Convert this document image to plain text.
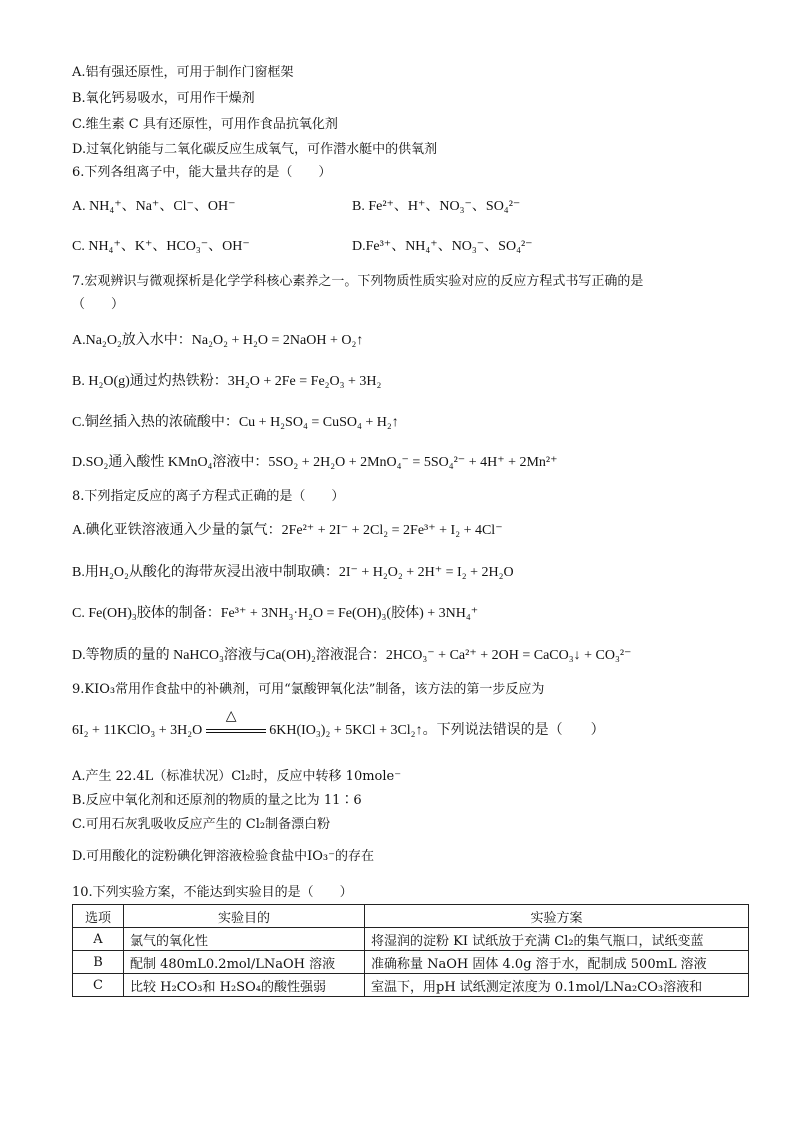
A.铝有强还原性，可用于制作门窗框架
B.氧化钙易吸水，可用作干燥剂
C.维生素 C 具有还原性，可用作食品抗氧化剂
D.过氧化钠能与二氧化碳反应生成氧气，可作潜水艇中的供氧剂
6.下列各组离子中，能大量共存的是（　　）
A. NH₄⁺、Na⁺、Cl⁻、OH⁻	B. Fe²⁺、H⁺、NO₃⁻、SO₄²⁻
C. NH₄⁺、K⁺、HCO₃⁻、OH⁻	D.Fe³⁺、NH₄⁺、NO₃⁻、SO₄²⁻
7.宏观辨识与微观探析是化学学科核心素养之一。下列物质性质实验对应的反应方程式书写正确的是
（　　）
A.Na₂O₂放入水中：Na₂O₂ + H₂O = 2NaOH + O₂↑
B. H₂O(g)通过灼热铁粉：3H₂O + 2Fe = Fe₂O₃ + 3H₂
C.铜丝插入热的浓硫酸中：Cu + H₂SO₄ = CuSO₄ + H₂↑
D.SO₂通入酸性 KMnO₄溶液中：5SO₂ + 2H₂O + 2MnO₄⁻ = 5SO₄²⁻ + 4H⁺ + 2Mn²⁺
8.下列指定反应的离子方程式正确的是（　　）
A.碘化亚铁溶液通入少量的氯气：2Fe²⁺ + 2I⁻ + 2Cl₂ = 2Fe³⁺ + I₂ + 4Cl⁻
B.用H₂O₂从酸化的海带灰浸出液中制取碘：2I⁻ + H₂O₂ + 2H⁺ = I₂ + 2H₂O
C. Fe(OH)₃胶体的制备：Fe³⁺ + 3NH₃·H₂O = Fe(OH)₃(胶体) + 3NH₄⁺
D.等物质的量的 NaHCO₃溶液与Ca(OH)₂溶液混合：2HCO₃⁻ + Ca²⁺ + 2OH = CaCO₃↓ + CO₃²⁻
9.KIO₃常用作食盐中的补碘剂，可用“氯酸钾氧化法”制备，该方法的第一步反应为
6I₂ + 11KClO₃ + 3H₂O
△
6KH(IO₃)₂ + 5KCl + 3Cl₂↑。下列说法错误的是（　　）
A.产生 22.4L（标准状况）Cl₂时，反应中转移 10mole⁻
B.反应中氧化剂和还原剂的物质的量之比为 11∶6
C.可用石灰乳吸收反应产生的 Cl₂制备漂白粉
D.可用酸化的淀粉碘化钾溶液检验食盐中IO₃⁻的存在
10.下列实验方案，不能达到实验目的是（　　）
选项	实验目的	实验方案
A	氯气的氧化性	将湿润的淀粉 KI 试纸放于充满 Cl₂的集气瓶口，试纸变蓝
B	配制 480mL0.2mol/LNaOH 溶液	准确称量 NaOH 固体 4.0g 溶于水，配制成 500mL 溶液
C	比较 H₂CO₃和 H₂SO₄的酸性强弱	室温下，用pH 试纸测定浓度为 0.1mol/LNa₂CO₃溶液和
